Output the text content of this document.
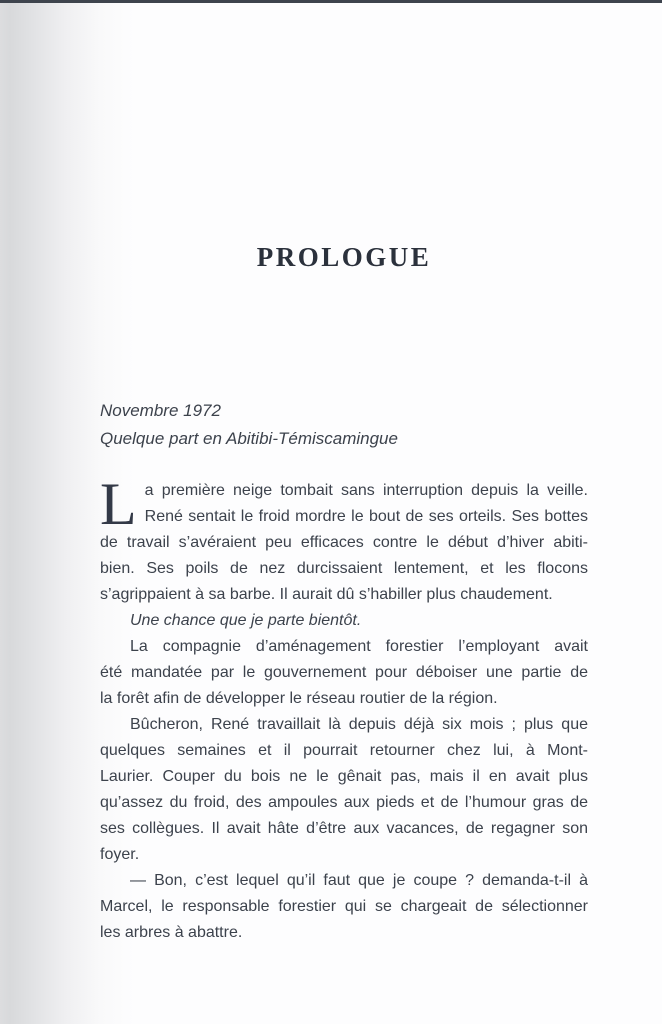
PROLOGUE
Novembre 1972
Quelque part en Abitibi-Témiscamingue
L a première neige tombait sans interruption depuis la veille.
René sentait le froid mordre le bout de ses orteils. Ses bottes
de travail s’avéraient peu efficaces contre le début d’hiver abiti-
bien. Ses poils de nez durcissaient lentement, et les flocons
s’agrippaient à sa barbe. Il aurait dû s’habiller plus chaudement.
Une chance que je parte bientôt.
La compagnie d’aménagement forestier l’employant avait
été mandatée par le gouvernement pour déboiser une partie de
la forêt afin de développer le réseau routier de la région.
Bûcheron, René travaillait là depuis déjà six mois ; plus que
quelques semaines et il pourrait retourner chez lui, à Mont-
Laurier. Couper du bois ne le gênait pas, mais il en avait plus
qu’assez du froid, des ampoules aux pieds et de l’humour gras de
ses collègues. Il avait hâte d’être aux vacances, de regagner son
foyer.
— Bon, c’est lequel qu’il faut que je coupe ? demanda-t-il à
Marcel, le responsable forestier qui se chargeait de sélectionner
les arbres à abattre.
